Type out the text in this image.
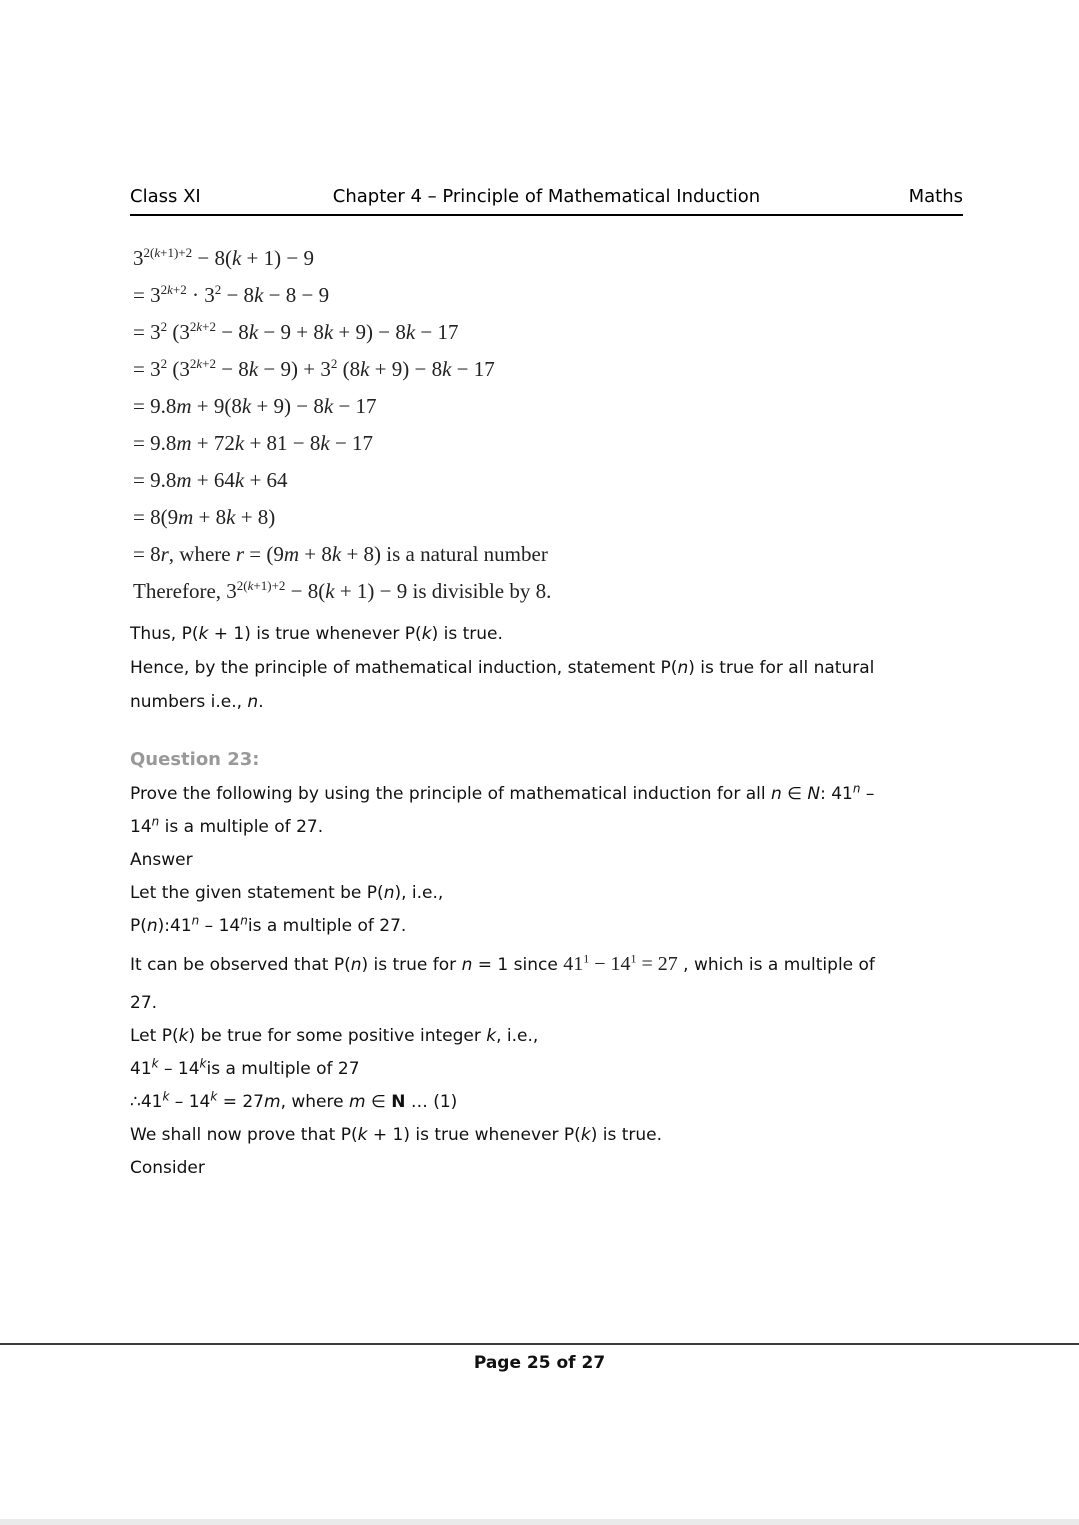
Class XI	Chapter 4 – Principle of Mathematical Induction	Maths
$3^{2(k+1)+2} - 8(k + 1) - 9$
= $3^{2k+2} \cdot 3^2 - 8k - 8 - 9$
= $3^2$ $(3^{2k+2} - 8k - 9 + 8k + 9) - 8k - 17$
= $3^2$ $(3^{2k+2} - 8k - 9) + 3^2$ (8k + 9) − 8k − 17
= 9.8m + 9(8k + 9) − 8k − 17
= 9.8m + 72k + 81 − 8k − 17
= 9.8m + 64k + 64
= 8(9m + 8k + 8)
= 8r, where r = (9m + 8k + 8) is a natural number
Therefore, $3^{2(k+1)+2} - 8(k + 1) - 9$ is divisible by 8.
Thus, P(k + 1) is true whenever P(k) is true.
Hence, by the principle of mathematical induction, statement P(n) is true for all natural
numbers i.e., n.
Question 23:
Prove the following by using the principle of mathematical induction for all n ∈ N: 41$^n$ –
14$^n$ is a multiple of 27.
Answer
Let the given statement be P(n), i.e.,
P(n):41$^n$ – 14$^n$is a multiple of 27.
It can be observed that P(n) is true for n = 1 since $41^1 - 14^1 = 27$ , which is a multiple of
27.
Let P(k) be true for some positive integer k, i.e.,
41$^k$ – 14$^k$is a multiple of 27
∴41$^k$ – $14^k = 27m$, where m ∈ N … (1)
We shall now prove that P(k + 1) is true whenever P(k) is true.
Consider
Page 25 of 27
